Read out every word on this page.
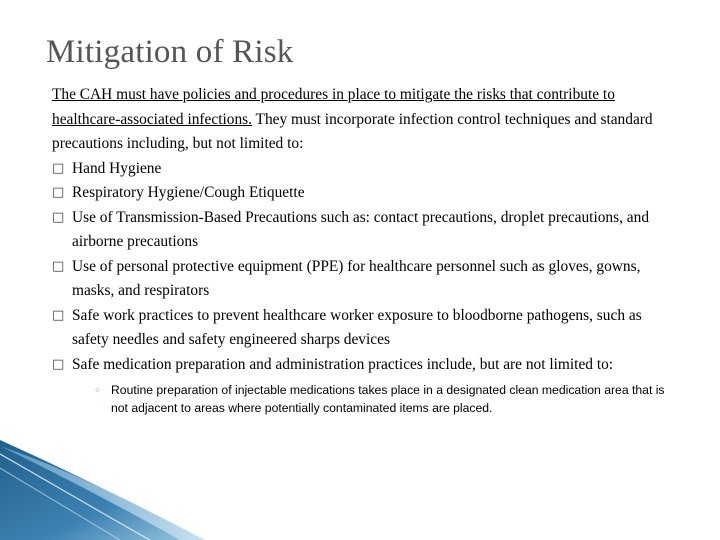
Mitigation of Risk
The CAH must have policies and procedures in place to mitigate the risks that contribute to healthcare-associated infections. They must incorporate infection control techniques and standard precautions including, but not limited to:
□ Hand Hygiene
□ Respiratory Hygiene/Cough Etiquette
□ Use of Transmission-Based Precautions such as: contact precautions, droplet precautions, and airborne precautions
□ Use of personal protective equipment (PPE) for healthcare personnel such as gloves, gowns, masks, and respirators
□ Safe work practices to prevent healthcare worker exposure to bloodborne pathogens, such as safety needles and safety engineered sharps devices
□ Safe medication preparation and administration practices include, but are not limited to:
◦ Routine preparation of injectable medications takes place in a designated clean medication area that is not adjacent to areas where potentially contaminated items are placed.
